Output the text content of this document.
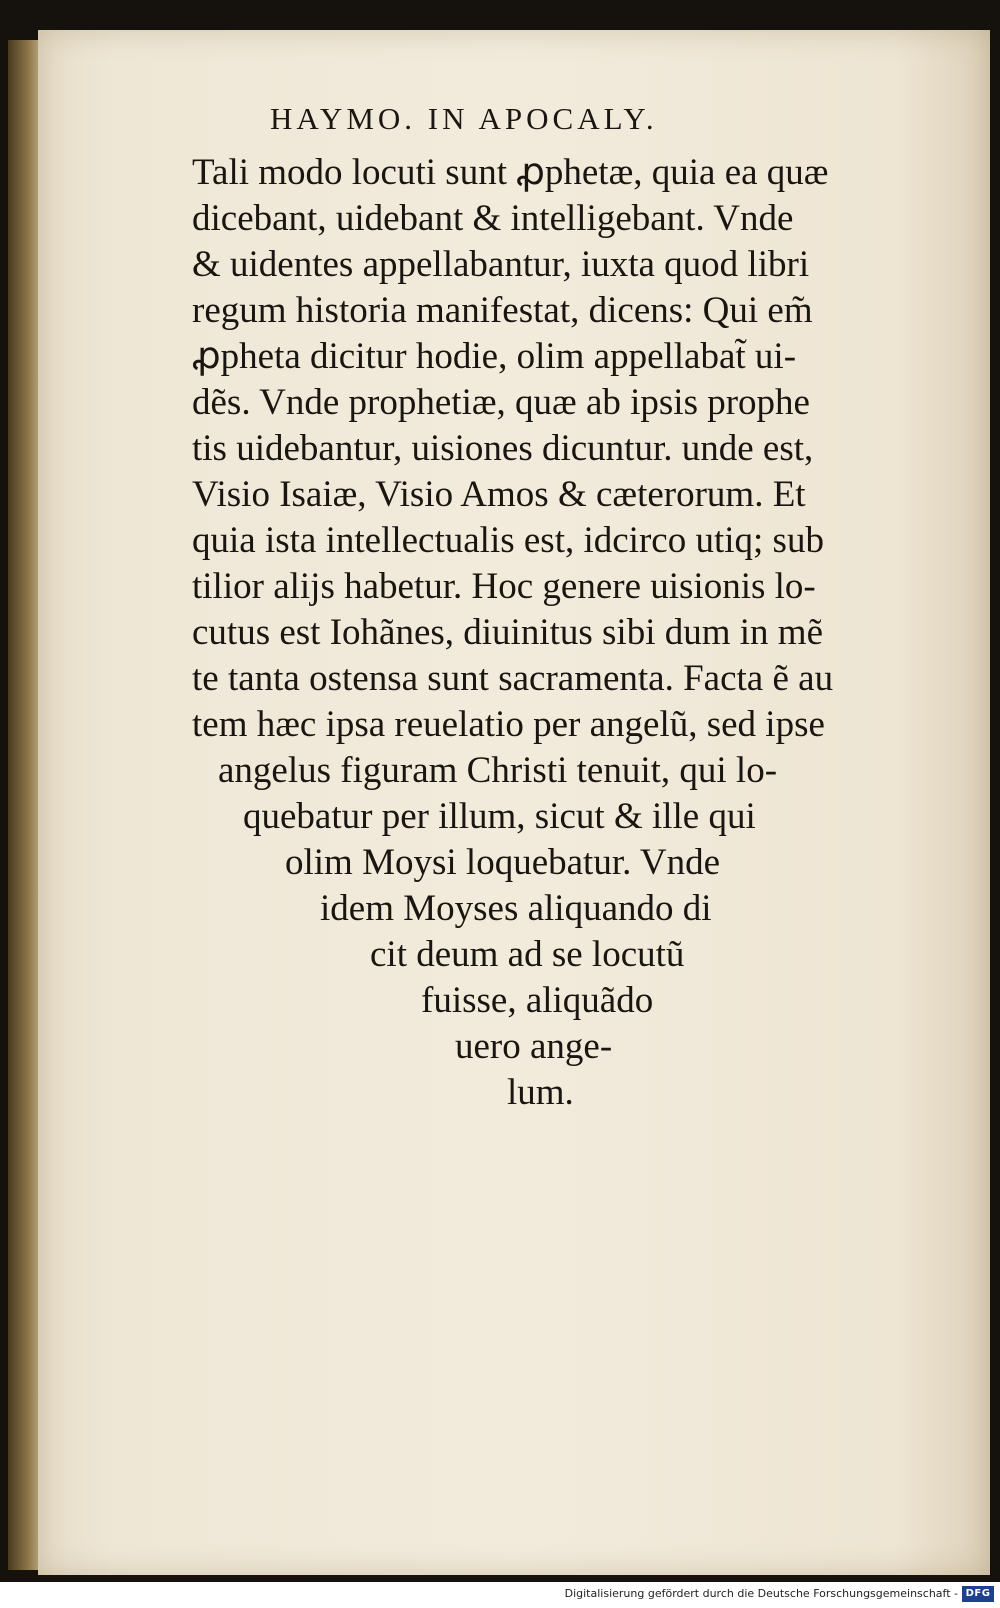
HAYMO. IN APOCALY.
Tali modo locuti sunt ꝓphetæ, quia ea quæ
dicebant, uidebant & intelligebant. Vnde
& uidentes appellabantur, iuxta quod libri
regum historia manifestat, dicens: Qui em̃
ꝓpheta dicitur hodie, olim appellabat̃ ui-
dẽs. Vnde prophetiæ, quæ ab ipsis prophe
tis uidebantur, uisiones dicuntur. unde est,
Visio Isaiæ, Visio Amos & cæterorum. Et
quia ista intellectualis est, idcirco utiq; sub
tilior alijs habetur. Hoc genere uisionis lo-
cutus est Iohãnes, diuinitus sibi dum in mẽ
te tanta ostensa sunt sacramenta. Facta ẽ au
tem hæc ipsa reuelatio per angelũ, sed ipse
angelus figuram Christi tenuit, qui lo-
quebatur per illum, sicut & ille qui
olim Moysi loquebatur. Vnde
idem Moyses aliquando di
cit deum ad se locutũ
fuisse, aliquãdo
uero ange-
lum.
Digitalisierung gefördert durch die Deutsche Forschungsgemeinschaft - DFG
